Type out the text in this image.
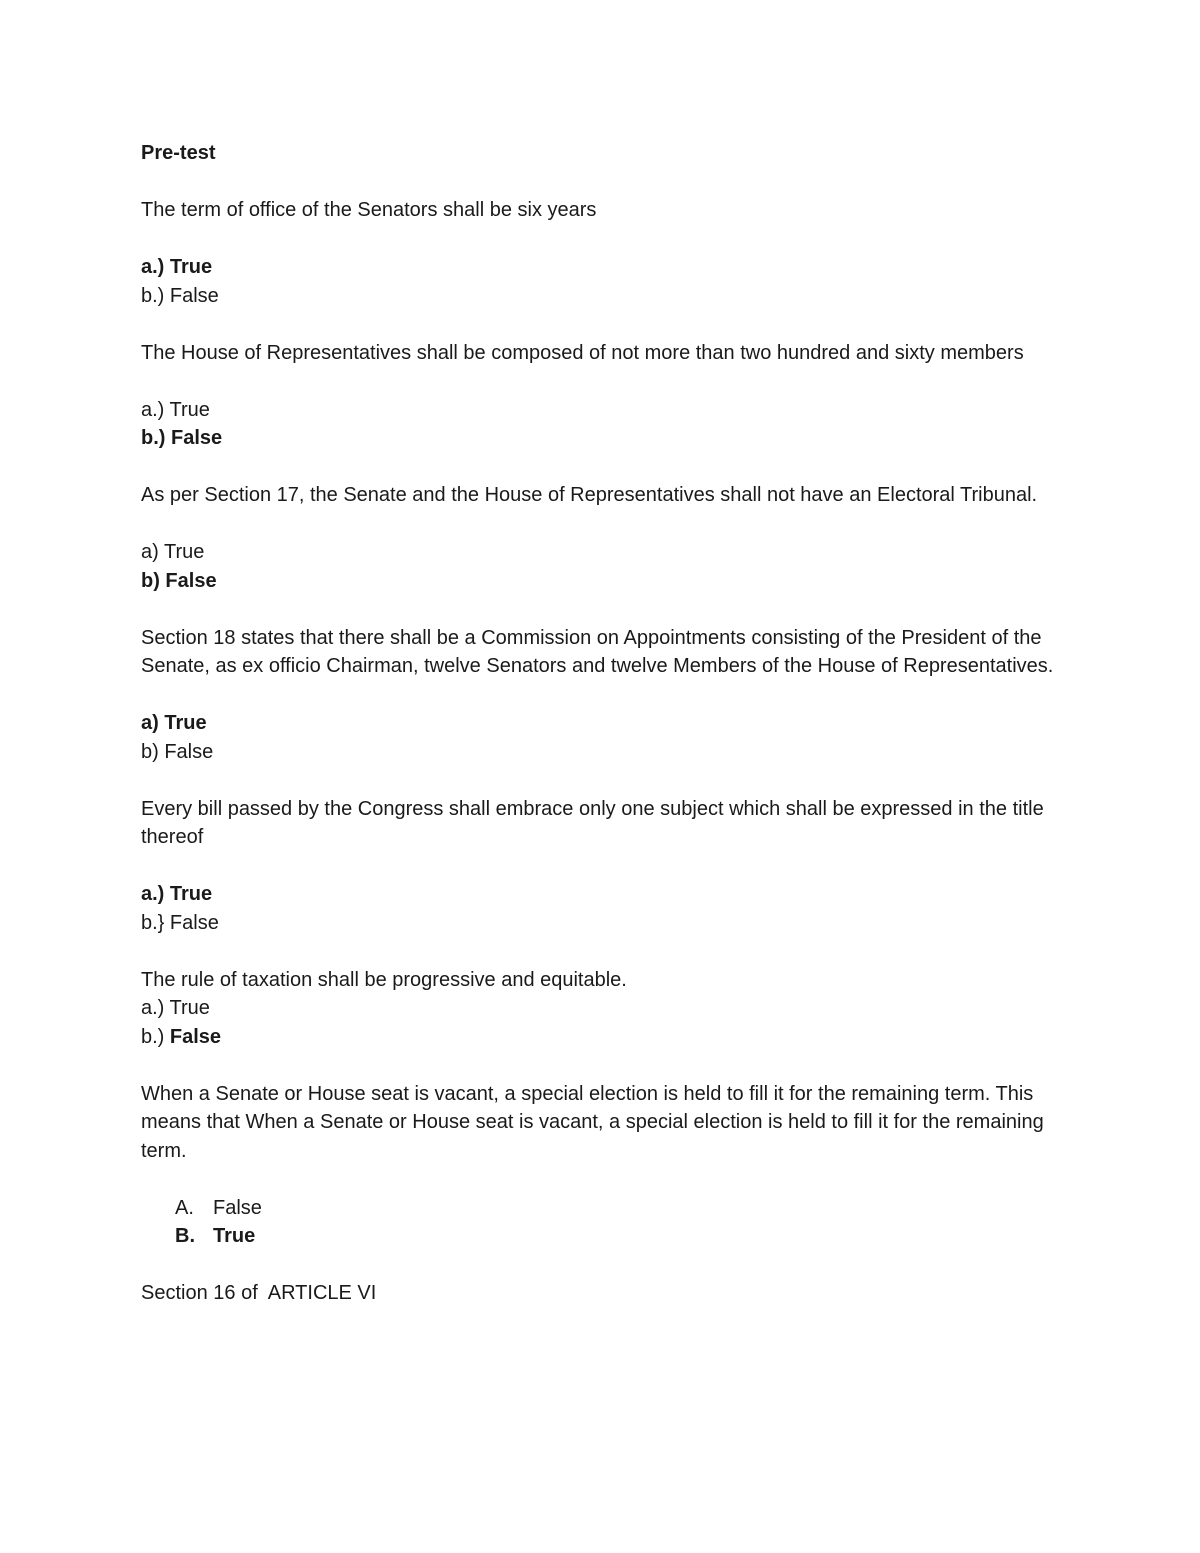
Pre-test

The term of office of the Senators shall be six years

a.) True

b.) False

The House of Representatives shall be composed of not more than two hundred and sixty members

a.) True

b.) False

As per Section 17, the Senate and the House of Representatives shall not have an Electoral Tribunal.

a) True

b) False

Section 18 states that there shall be a Commission on Appointments consisting of the President of the Senate, as ex officio Chairman, twelve Senators and twelve Members of the House of Representatives.

a) True

b) False

Every bill passed by the Congress shall embrace only one subject which shall be expressed in the title thereof

a.) True

b.} False

The rule of taxation shall be progressive and equitable.

a.) True

b.) False

When a Senate or House seat is vacant, a special election is held to fill it for the remaining term. This means that When a Senate or House seat is vacant, a special election is held to fill it for the remaining term.

A. False

B. True

Section 16 of  ARTICLE VI
